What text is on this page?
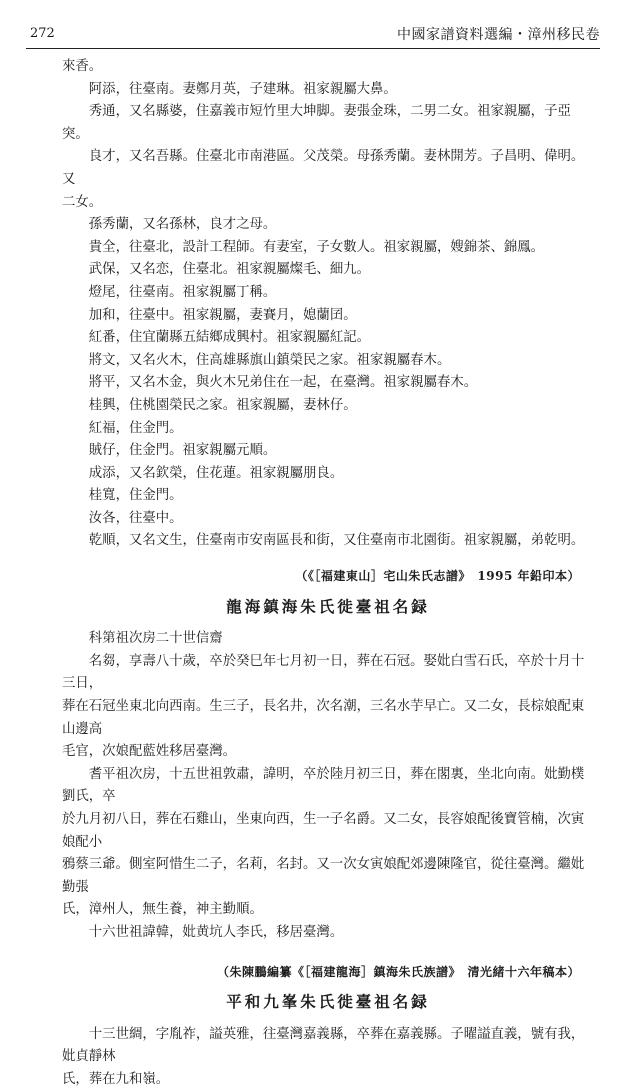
272	中國家譜資料選編・漳州移民卷

來香。

阿添，往臺南。妻鄭月英，子建琳。祖家親屬大鼻。

秀通，又名縣婆，住嘉義市短竹里大坤脚。妻張金珠，二男二女。祖家親屬，子亞突。

良才，又名吾縣。住臺北市南港區。父茂榮。母孫秀蘭。妻林開芳。子昌明、偉明。又

二女。

孫秀蘭，又名孫林，良才之母。

貴全，往臺北，設計工程師。有妻室，子女數人。祖家親屬，嫂錦茶、錦鳳。

武保，又名恋，住臺北。祖家親屬燦毛、細九。

燈尾，往臺南。祖家親屬丁稱。

加和，往臺中。祖家親屬，妻賽月，媳蘭囝。

紅番，住宜蘭縣五結鄉成興村。祖家親屬紅記。

將文，又名火木，住高雄縣旗山鎮榮民之家。祖家親屬春木。

將平，又名木金，與火木兄弟住在一起，在臺灣。祖家親屬春木。

桂興，住桃園榮民之家。祖家親屬，妻林仔。

紅福，住金門。

賊仔，住金門。祖家親屬元順。

成添，又名欽榮，住花蓮。祖家親屬朋良。

桂寬，住金門。

汝各，往臺中。

乾順，又名文生，住臺南市安南區長和街，又住臺南市北園街。祖家親屬，弟乾明。

（《［福建東山］宅山朱氏志譜》　1995 年鉛印本）

龍海鎮海朱氏徙臺祖名録

科第祖次房二十世信齋

名芻，享壽八十歲，卒於癸巳年七月初一日，葬在石冠。娶妣白雪石氏，卒於十月十三日，

葬在石冠坐東北向西南。生三子，長名井，次名潮，三名水芋早亡。又二女，長棕娘配東山邊高

毛官，次娘配藍姓移居臺灣。

耆平祖次房，十五世祖敦肅，諱明，卒於陸月初三日，葬在閣裏，坐北向南。妣勤樸劉氏，卒

於九月初八日，葬在石雞山，坐東向西，生一子名爵。又二女，長容娘配後寶管楠，次寅娘配小

鴉蔡三爺。側室阿惜生二子，名莉，名封。又一次女寅娘配郊邊陳隆官，從往臺灣。繼妣勤張

氏，漳州人，無生養，神主勤順。

十六世祖諱韓，妣黄坑人李氏，移居臺灣。

（朱陳鵬編纂《［福建龍海］鎮海朱氏族譜》　清光緒十六年稿本）

平和九峯朱氏徙臺祖名録

十三世綢，字胤祚，謚英雅，往臺灣嘉義縣，卒葬在嘉義縣。子曜謚直義，號有我，妣貞靜林

氏，葬在九和嶺。
